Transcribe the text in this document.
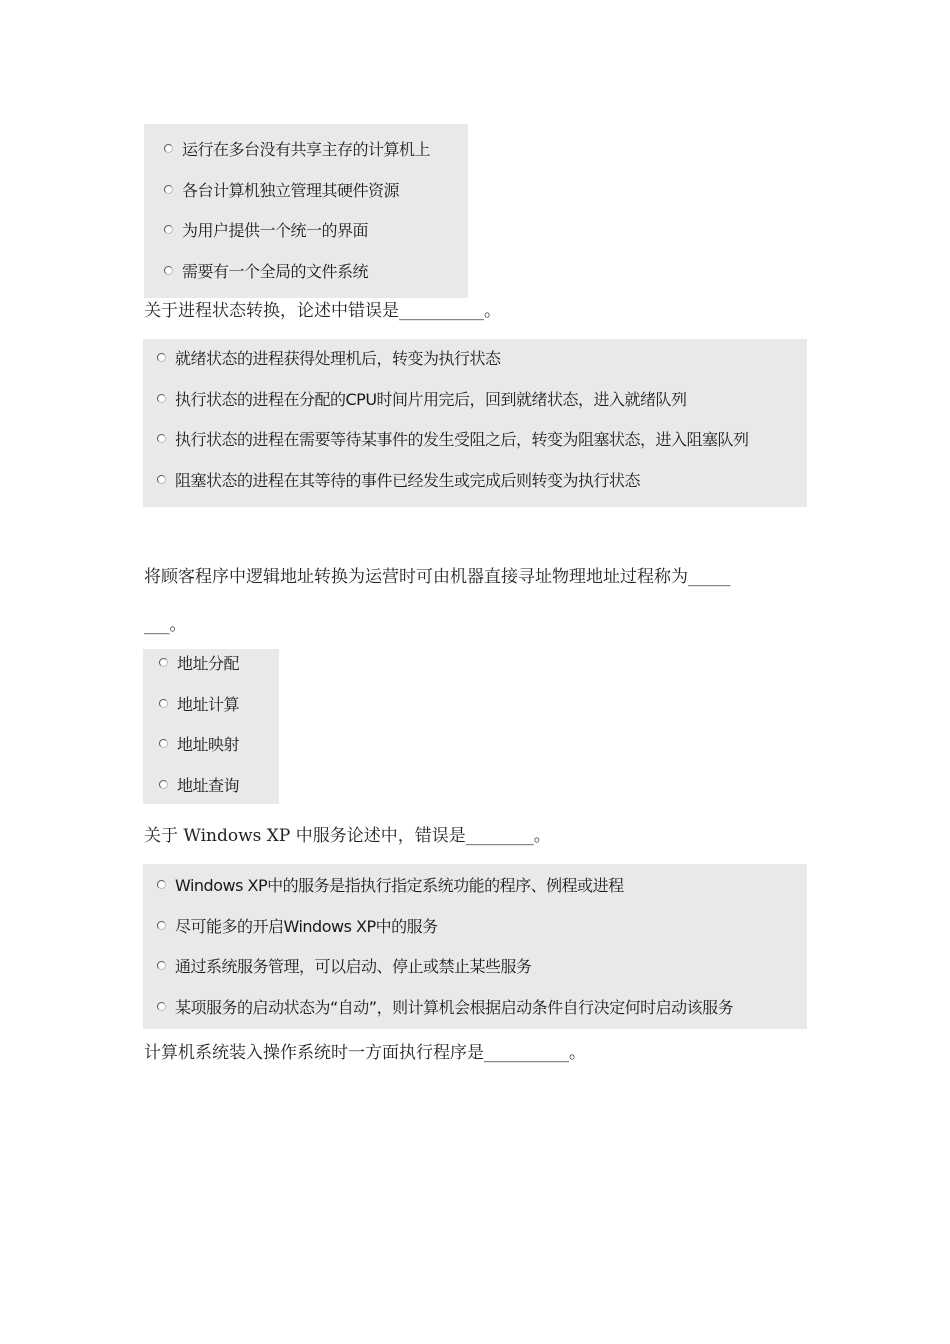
运行在多台没有共享主存的计算机上
各台计算机独立管理其硬件资源
为用户提供一个统一的界面
需要有一个全局的文件系统
关于进程状态转换，论述中错误是__________。
就绪状态的进程获得处理机后，转变为执行状态
执行状态的进程在分配的CPU时间片用完后，回到就绪状态，进入就绪队列
执行状态的进程在需要等待某事件的发生受阻之后，转变为阻塞状态，进入阻塞队列
阻塞状态的进程在其等待的事件已经发生或完成后则转变为执行状态
将顾客程序中逻辑地址转换为运营时可由机器直接寻址物理地址过程称为_____
___。
地址分配
地址计算
地址映射
地址查询
关于 Windows XP 中服务论述中，错误是________。
Windows XP中的服务是指执行指定系统功能的程序、例程或进程
尽可能多的开启Windows XP中的服务
通过系统服务管理，可以启动、停止或禁止某些服务
某项服务的启动状态为“自动”，则计算机会根据启动条件自行决定何时启动该服务
计算机系统装入操作系统时一方面执行程序是__________。
